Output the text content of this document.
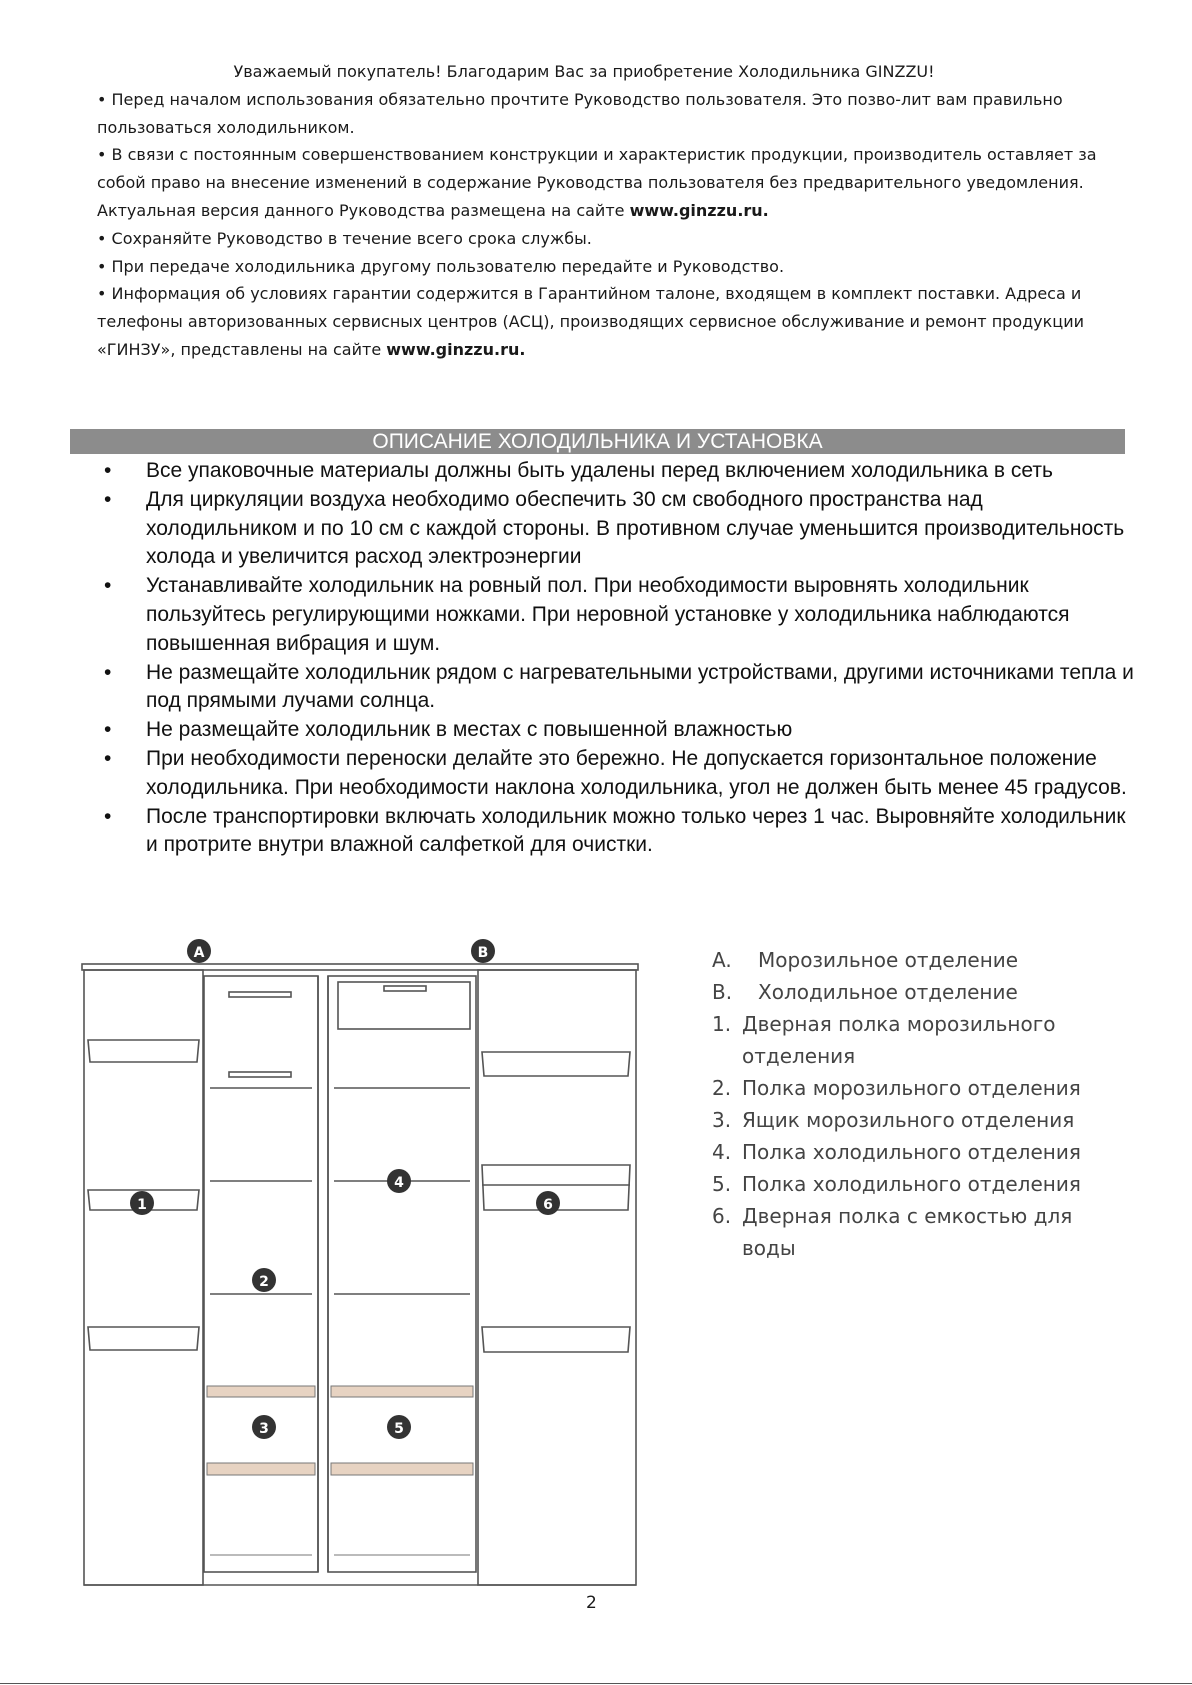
Уважаемый покупатель! Благодарим Вас за приобретение Холодильника GINZZU!

• Перед началом использования обязательно прочтите Руководство пользователя. Это позво-лит вам правильно пользоваться холодильником.

• В связи с постоянным совершенствованием конструкции и характеристик продукции, производитель оставляет за собой право на внесение изменений в содержание Руководства пользователя без предварительного уведомления. Актуальная версия данного Руководства размещена на сайте www.ginzzu.ru.

• Сохраняйте Руководство в течение всего срока службы.

• При передаче холодильника другому пользователю передайте и Руководство.

• Информация об условиях гарантии содержится в Гарантийном талоне, входящем в комплект поставки. Адреса и телефоны авторизованных сервисных центров (АСЦ), производящих сервисное обслуживание и ремонт продукции «ГИНЗУ», представлены на сайте www.ginzzu.ru.

ОПИСАНИЕ ХОЛОДИЛЬНИКА И УСТАНОВКА
• Все упаковочные материалы должны быть удалены перед включением холодильника в сеть
• Для циркуляции воздуха необходимо обеспечить 30 см свободного пространства над холодильником и по 10 см с каждой стороны. В противном случае уменьшится производительность холода и увеличится расход электроэнергии
• Устанавливайте холодильник на ровный пол. При необходимости выровнять холодильник пользуйтесь регулирующими ножками. При неровной установке у холодильника наблюдаются повышенная вибрация и шум.
• Не размещайте холодильник рядом с нагревательными устройствами, другими источниками тепла и под прямыми лучами солнца.
• Не размещайте холодильник в местах с повышенной влажностью
• При необходимости переноски делайте это бережно. Не допускается горизонтальное положение холодильника. При необходимости наклона холодильника, угол не должен быть менее 45 градусов.
• После транспортировки включать холодильник можно только через 1 час. Выровняйте холодильник и протрите внутри влажной салфеткой для очистки.
A	B
1
2
3
4
5
6
A.	Морозильное отделение
B.	Холодильное отделение
1. Дверная полка морозильного отделения
2. Полка морозильного отделения
3. Ящик морозильного отделения
4. Полка холодильного отделения
5. Полка холодильного отделения
6. Дверная полка с емкостью для воды
2
